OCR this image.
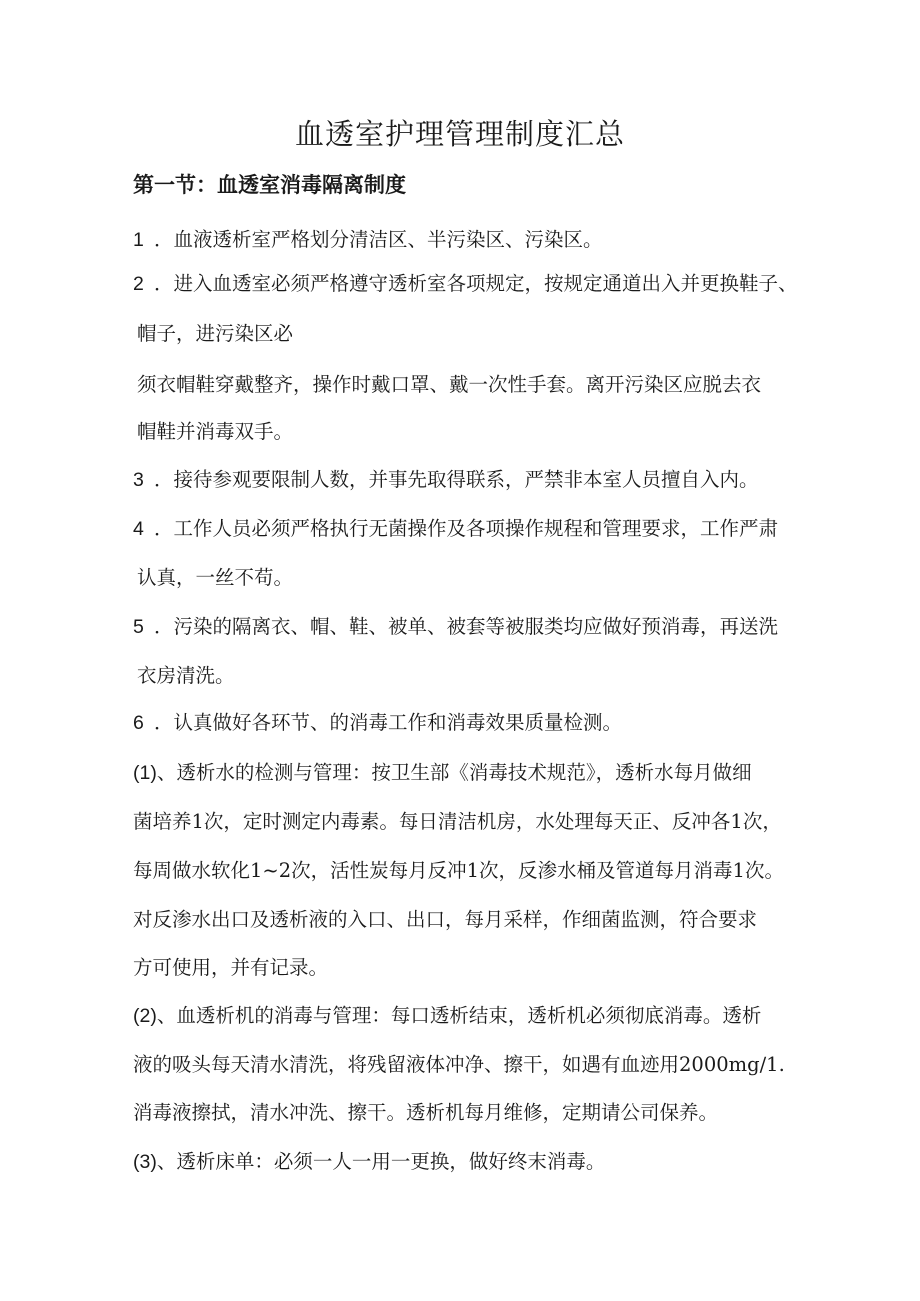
血透室护理管理制度汇总
第一节：血透室消毒隔离制度

1 ．血液透析室严格划分清洁区、半污染区、污染区。

2 ．进入血透室必须严格遵守透析室各项规定，按规定通道出入并更换鞋子、

帽子，进污染区必

须衣帽鞋穿戴整齐，操作时戴口罩、戴一次性手套。离开污染区应脱去衣

帽鞋并消毒双手。

3 ．接待参观要限制人数，并事先取得联系，严禁非本室人员擅自入内。

4 ．工作人员必须严格执行无菌操作及各项操作规程和管理要求，工作严肃

认真，一丝不苟。

5 ．污染的隔离衣、帽、鞋、被单、被套等被服类均应做好预消毒，再送洗

衣房清洗。

6 ．认真做好各环节、的消毒工作和消毒效果质量检测。

(1)、透析水的检测与管理：按卫生部《消毒技术规范》，透析水每月做细

菌培养1次，定时测定内毒素。每日清洁机房，水处理每天正、反冲各1次，

每周做水软化1~2次，活性炭每月反冲1次，反渗水桶及管道每月消毒1次。

对反渗水出口及透析液的入口、出口，每月采样，作细菌监测，符合要求

方可使用，并有记录。

(2)、血透析机的消毒与管理：每口透析结束，透析机必须彻底消毒。透析

液的吸头每天清水清洗，将残留液体冲净、擦干，如遇有血迹用2000mg∕1.

消毒液擦拭，清水冲洗、擦干。透析机每月维修，定期请公司保养。

(3)、透析床单：必须一人一用一更换，做好终末消毒。
